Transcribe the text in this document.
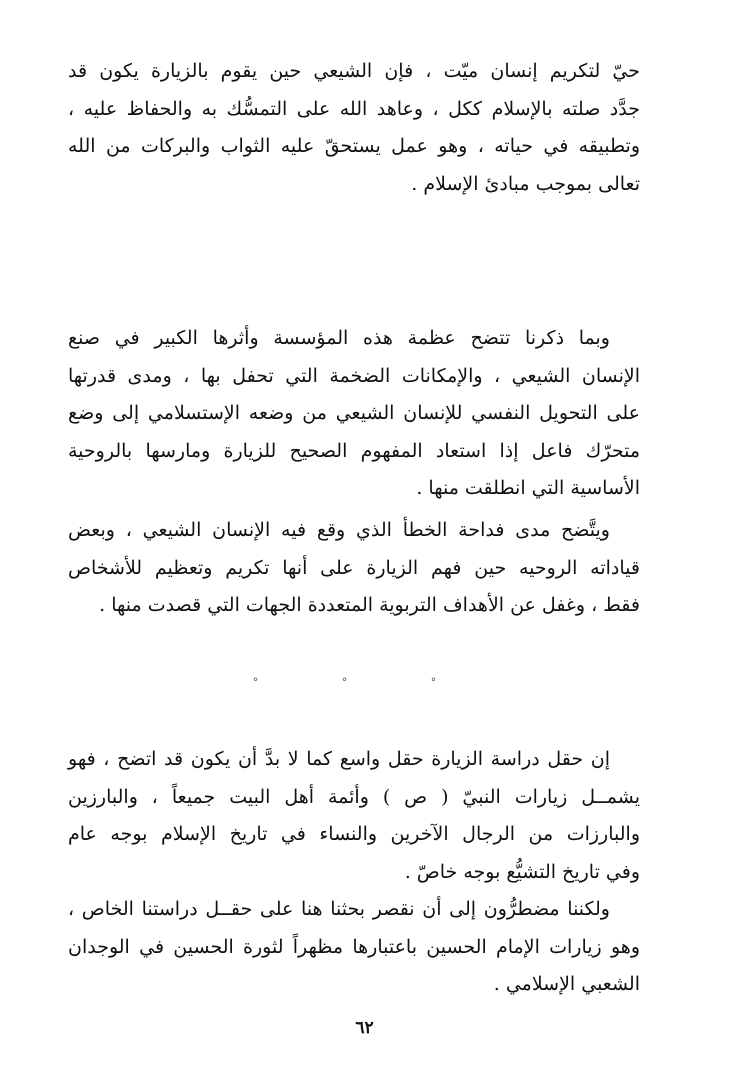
حيّ لتكريم إنسان ميّت ، فإن الشيعي حين يقوم بالزيارة يكون قد
جدَّد صلته بالإسلام ككل ، وعاهد الله على التمسُّك به والحفاظ عليه ،
وتطبيقه في حياته ، وهو عمل يستحقّ عليه الثواب والبركات من الله
تعالى بموجب مبادئ الإسلام .
وبما ذكرنا تتضح عظمة هذه المؤسسة وأثرها الكبير في صنع
الإنسان الشيعي ، والإمكانات الضخمة التي تحفل بها ، ومدى قدرتها
على التحويل النفسي للإنسان الشيعي من وضعه الإستسلامي إلى وضع
متحرّك فاعل إذا استعاد المفهوم الصحيح للزيارة ومارسها بالروحية
الأساسية التي انطلقت منها .
ويتَّضح مدى فداحة الخطأ الذي وقع فيه الإنسان الشيعي ، وبعض
قياداته الروحيه حين فهم الزيارة على أنها تكريم وتعظيم للأشخاص
فقط ، وغفل عن الأهداف التربوية المتعددة الجهات التي قصدت منها .
° ° °
إن حقل دراسة الزيارة حقل واسع كما لا بدَّ أن يكون قد اتضح ، فهو
يشمــل زيارات النبيّ ( ص ) وأئمة أهل البيت جميعاً ، والبارزين
والبارزات من الرجال الآخرين والنساء في تاريخ الإسلام بوجه عام
وفي تاريخ التشيُّع بوجه خاصّ .
ولكننا مضطرُّون إلى أن نقصر بحثنا هنا على حقــل دراستنا الخاص ،
وهو زيارات الإمام الحسين باعتبارها مظهراً لثورة الحسين في الوجدان
الشعبي الإسلامي .
٦٢
